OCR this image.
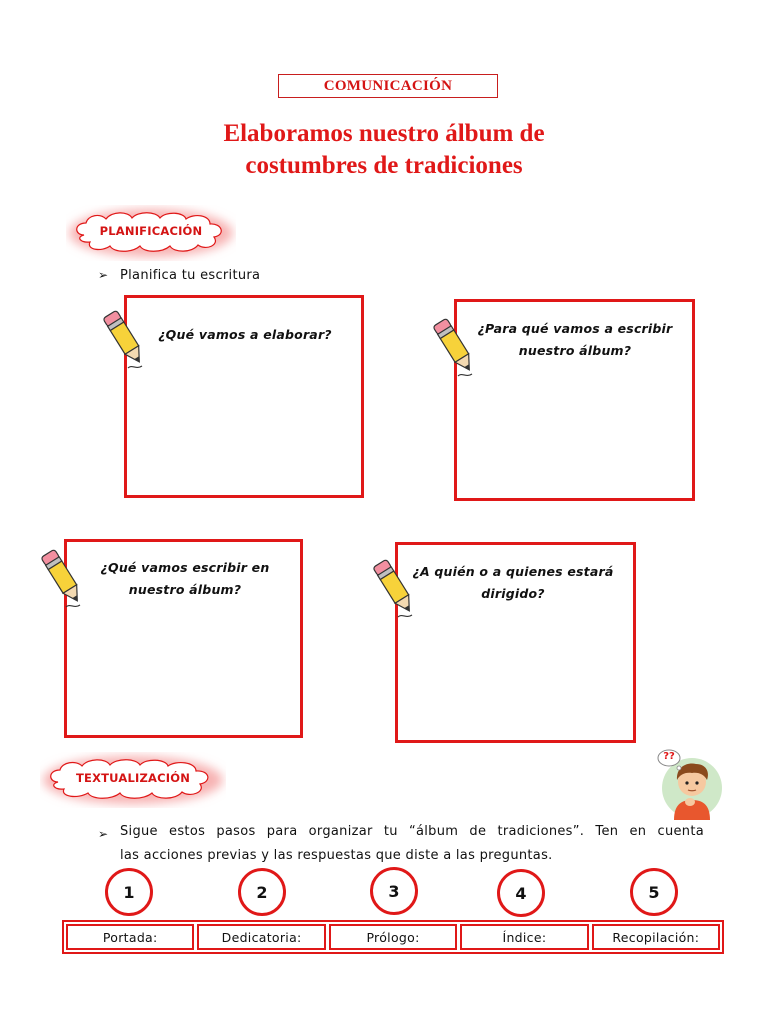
COMUNICACIÓN
Elaboramos nuestro álbum de
costumbres de tradiciones
PLANIFICACIÓN
➢ Planifica tu escritura
¿Qué vamos a elaborar?	¿Para qué vamos a escribir
nuestro álbum?
¿Qué vamos escribir en
nuestro álbum?
¿A quién o a quienes estará
dirigido?
TEXTUALIZACIÓN
??
➢ Sigue estos pasos para organizar tu “álbum de tradiciones”. Ten en cuenta
las acciones previas y las respuestas que diste a las preguntas.
1	2	3	4	5
Portada:	Dedicatoria:	Prólogo:	Índice:	Recopilación:
